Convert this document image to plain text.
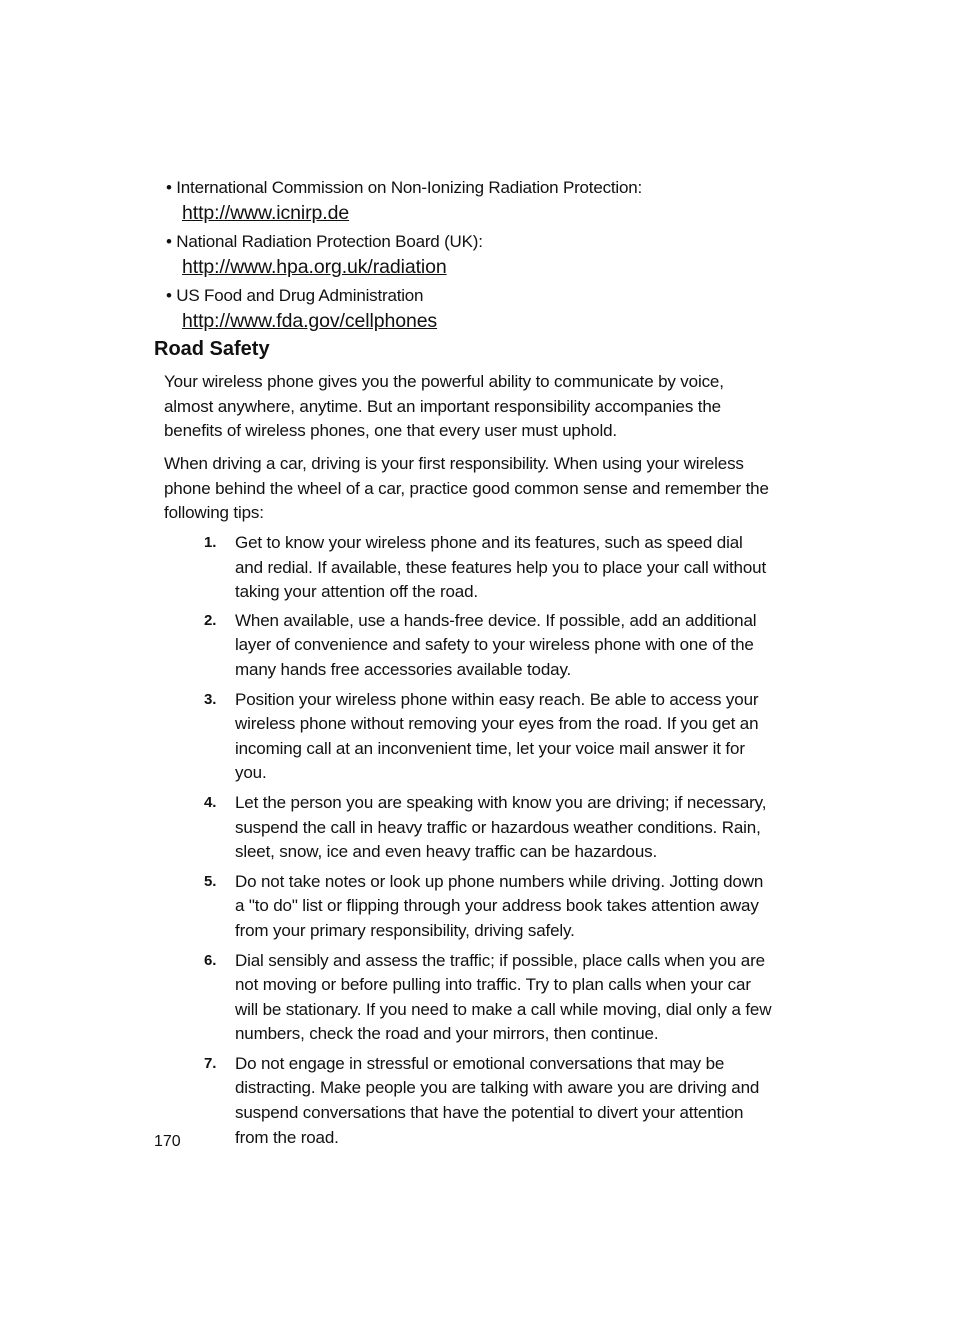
• International Commission on Non-Ionizing Radiation Protection:
http://www.icnirp.de
• National Radiation Protection Board (UK):
http://www.hpa.org.uk/radiation
• US Food and Drug Administration
http://www.fda.gov/cellphones
Road Safety

Your wireless phone gives you the powerful ability to communicate by voice, almost anywhere, anytime. But an important responsibility accompanies the benefits of wireless phones, one that every user must uphold.

When driving a car, driving is your first responsibility. When using your wireless phone behind the wheel of a car, practice good common sense and remember the following tips:

1. Get to know your wireless phone and its features, such as speed dial and redial. If available, these features help you to place your call without taking your attention off the road.
2. When available, use a hands-free device. If possible, add an additional layer of convenience and safety to your wireless phone with one of the many hands free accessories available today.
3. Position your wireless phone within easy reach. Be able to access your wireless phone without removing your eyes from the road. If you get an incoming call at an inconvenient time, let your voice mail answer it for you.
4. Let the person you are speaking with know you are driving; if necessary, suspend the call in heavy traffic or hazardous weather conditions. Rain, sleet, snow, ice and even heavy traffic can be hazardous.
5. Do not take notes or look up phone numbers while driving. Jotting down a "to do" list or flipping through your address book takes attention away from your primary responsibility, driving safely.
6. Dial sensibly and assess the traffic; if possible, place calls when you are not moving or before pulling into traffic. Try to plan calls when your car will be stationary. If you need to make a call while moving, dial only a few numbers, check the road and your mirrors, then continue.
7. Do not engage in stressful or emotional conversations that may be distracting. Make people you are talking with aware you are driving and suspend conversations that have the potential to divert your attention from the road.
170
